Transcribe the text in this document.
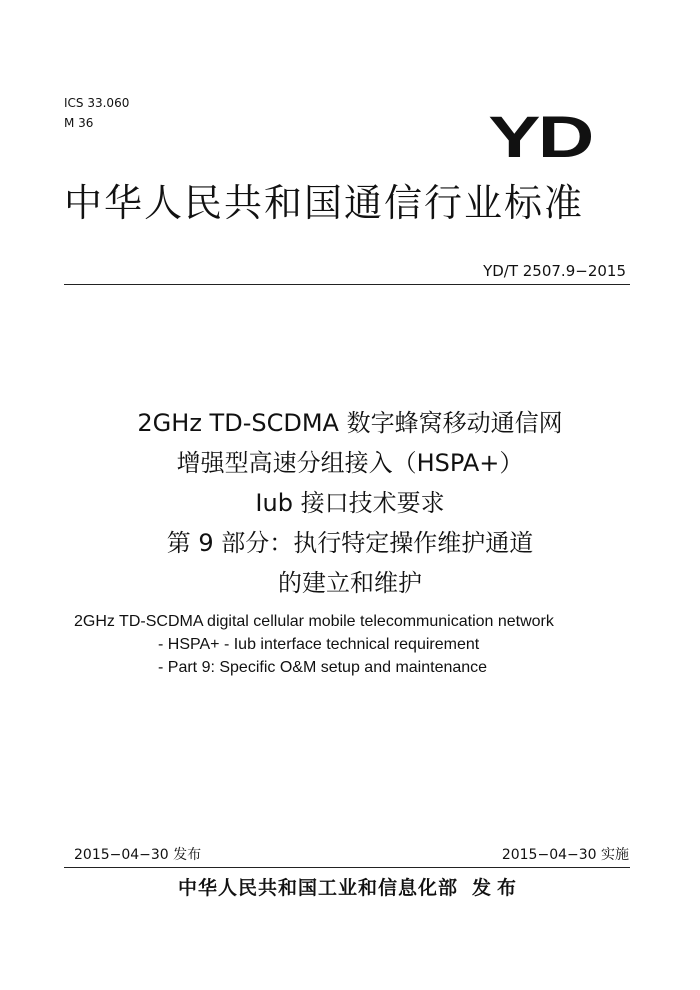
ICS 33.060
M 36	YD
中华人民共和国通信行业标准
YD/T 2507.9−2015
2GHz TD-SCDMA 数字蜂窝移动通信网
增强型高速分组接入（HSPA+）
Iub 接口技术要求
第 9 部分：执行特定操作维护通道
的建立和维护
2GHz TD-SCDMA digital cellular mobile telecommunication network
- HSPA+ - Iub interface technical requirement
- Part 9: Specific O&M setup and maintenance
2015−04−30 发布	2015−04−30 实施
中华人民共和国工业和信息化部 发布
